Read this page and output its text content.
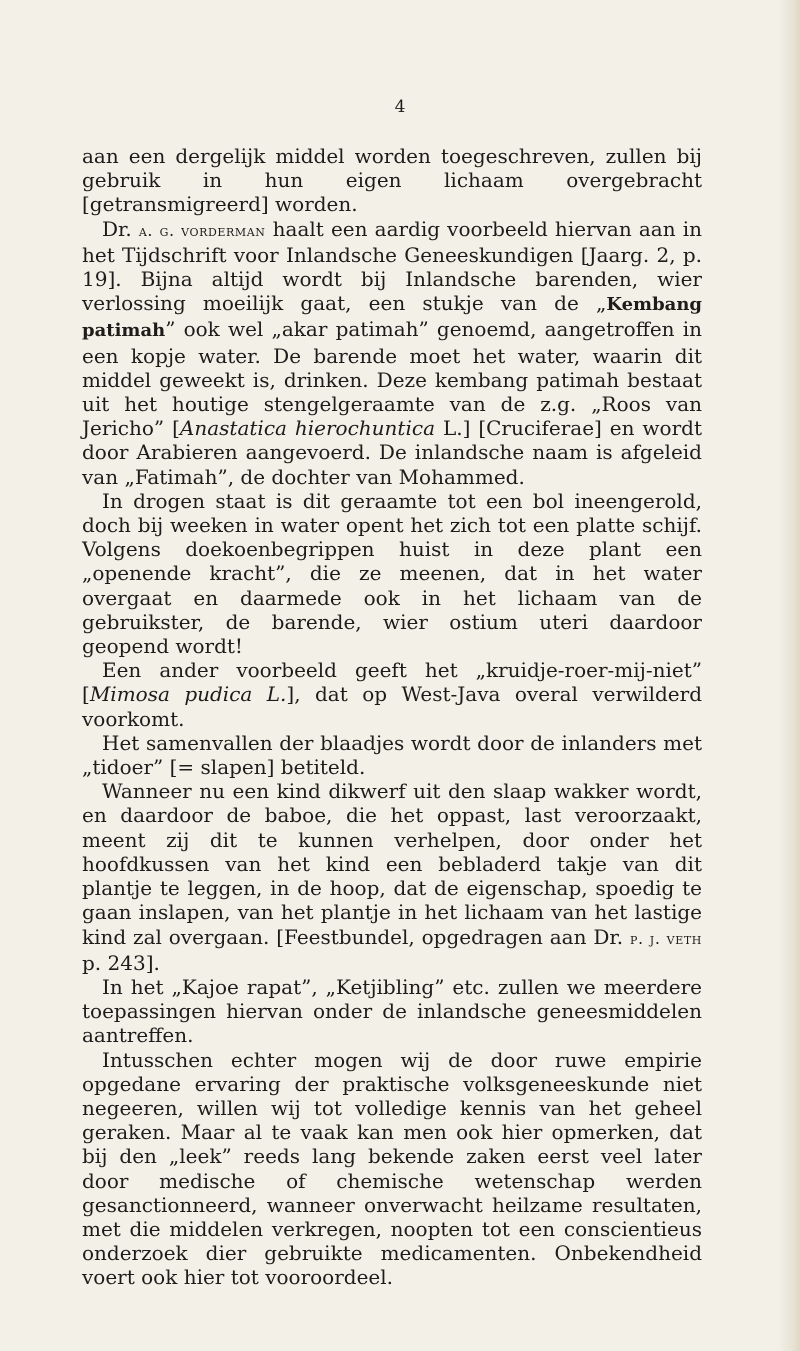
4

aan een dergelijk middel worden toegeschreven, zullen bij gebruik in hun eigen lichaam overgebracht [getransmigreerd] worden.

Dr. a. g. vorderman haalt een aardig voorbeeld hiervan aan in het Tijdschrift voor Inlandsche Geneeskundigen [Jaarg. 2, p. 19]. Bijna altijd wordt bij Inlandsche barenden, wier verlossing moeilijk gaat, een stukje van de „Kembang patimah” ook wel „akar patimah” genoemd, aangetroffen in een kopje water. De barende moet het water, waarin dit middel geweekt is, drinken. Deze kembang patimah bestaat uit het houtige stengelgeraamte van de z.g. „Roos van Jericho” [Anastatica hierochuntica L.] [Cruciferae] en wordt door Arabieren aangevoerd. De inlandsche naam is afgeleid van „Fatimah”, de dochter van Mohammed.

In drogen staat is dit geraamte tot een bol ineengerold, doch bij weeken in water opent het zich tot een platte schijf. Volgens doekoenbegrippen huist in deze plant een „openende kracht”, die ze meenen, dat in het water overgaat en daarmede ook in het lichaam van de gebruikster, de barende, wier ostium uteri daardoor geopend wordt!

Een ander voorbeeld geeft het „kruidje-roer-mij-niet” [Mimosa pudica L.], dat op West-Java overal verwilderd voorkomt.

Het samenvallen der blaadjes wordt door de inlanders met „tidoer” [= slapen] betiteld.

Wanneer nu een kind dikwerf uit den slaap wakker wordt, en daardoor de baboe, die het oppast, last veroorzaakt, meent zij dit te kunnen verhelpen, door onder het hoofdkussen van het kind een bebladerd takje van dit plantje te leggen, in de hoop, dat de eigenschap, spoedig te gaan inslapen, van het plantje in het lichaam van het lastige kind zal overgaan. [Feestbundel, opgedragen aan Dr. p. j. veth p. 243].

In het „Kajoe rapat”, „Ketjibling” etc. zullen we meerdere toepassingen hiervan onder de inlandsche geneesmiddelen aantreffen.

Intusschen echter mogen wij de door ruwe empirie opgedane ervaring der praktische volksgeneeskunde niet negeeren, willen wij tot volledige kennis van het geheel geraken. Maar al te vaak kan men ook hier opmerken, dat bij den „leek” reeds lang bekende zaken eerst veel later door medische of chemische wetenschap werden gesanctionneerd, wanneer onverwacht heilzame resultaten, met die middelen verkregen, noopten tot een conscientieus onderzoek dier gebruikte medicamenten. Onbekendheid voert ook hier tot vooroordeel.
